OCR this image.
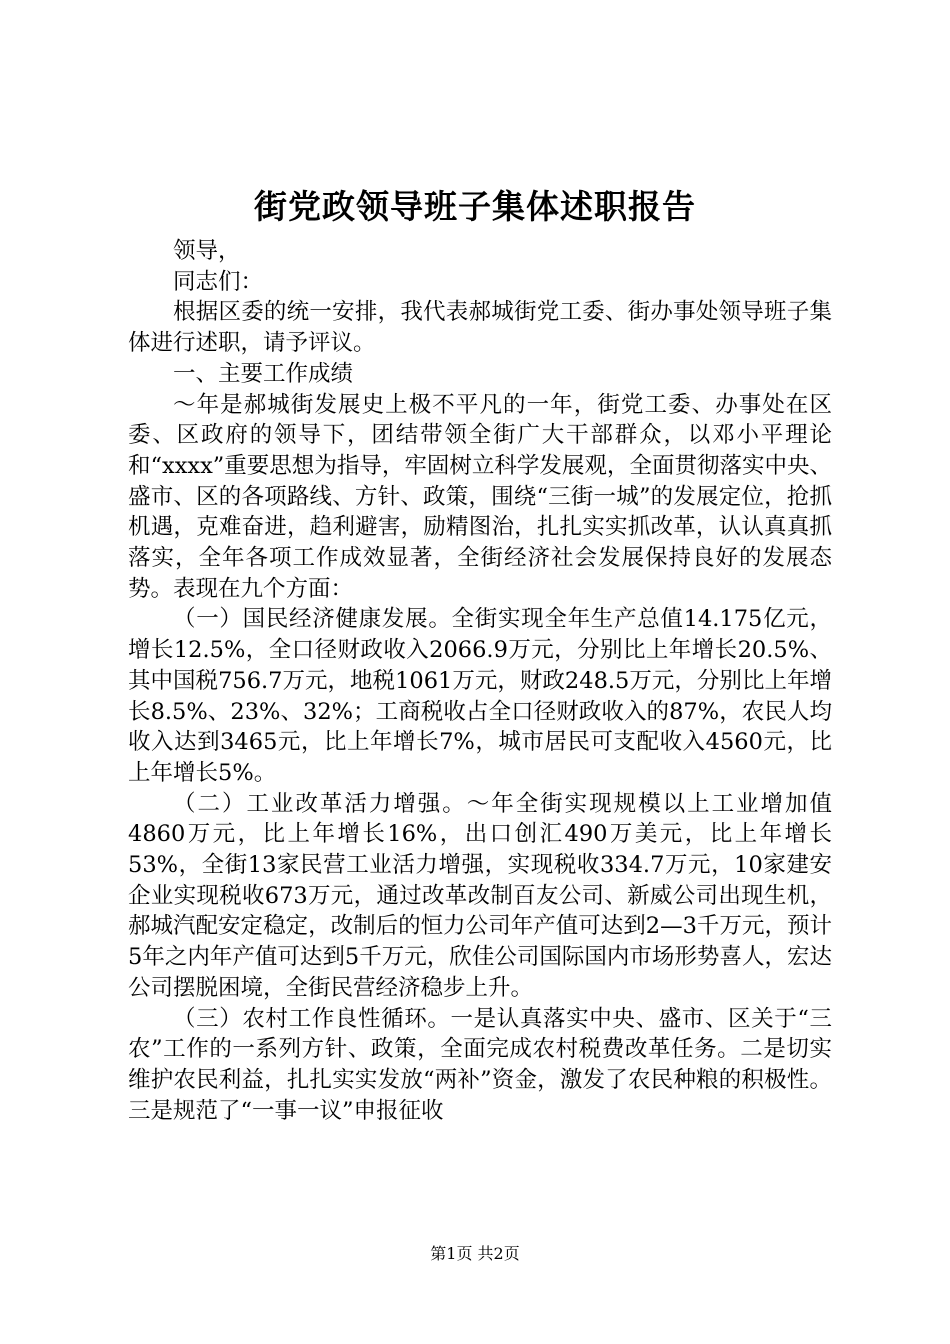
街党政领导班子集体述职报告

领导，

同志们：

根据区委的统一安排，我代表郝城街党工委、街办事处领导班子集体进行述职，请予评议。

一、主要工作成绩

～年是郝城街发展史上极不平凡的一年，街党工委、办事处在区委、区政府的领导下，团结带领全街广大干部群众，以邓小平理论和“xxxx”重要思想为指导，牢固树立科学发展观，全面贯彻落实中央、盛市、区的各项路线、方针、政策，围绕“三街一城”的发展定位，抢抓机遇，克难奋进，趋利避害，励精图治，扎扎实实抓改革，认认真真抓落实，全年各项工作成效显著，全街经济社会发展保持良好的发展态势。表现在九个方面：

（一）国民经济健康发展。全街实现全年生产总值14.175亿元，增长12.5%，全口径财政收入2066.9万元，分别比上年增长20.5%、其中国税756.7万元，地税1061万元，财政248.5万元，分别比上年增长8.5%、23%、32%；工商税收占全口径财政收入的87%，农民人均收入达到3465元，比上年增长7%，城市居民可支配收入4560元，比上年增长5%。

（二）工业改革活力增强。～年全街实现规模以上工业增加值4860万元，比上年增长16%，出口创汇490万美元，比上年增长53%，全街13家民营工业活力增强，实现税收334.7万元，10家建安企业实现税收673万元，通过改革改制百友公司、新威公司出现生机，郝城汽配安定稳定，改制后的恒力公司年产值可达到2—3千万元，预计5年之内年产值可达到5千万元，欣佳公司国际国内市场形势喜人，宏达公司摆脱困境，全街民营经济稳步上升。

（三）农村工作良性循环。一是认真落实中央、盛市、区关于“三农”工作的一系列方针、政策，全面完成农村税费改革任务。二是切实维护农民利益，扎扎实实发放“两补”资金，激发了农民种粮的积极性。三是规范了“一事一议”申报征收

第1页 共2页
